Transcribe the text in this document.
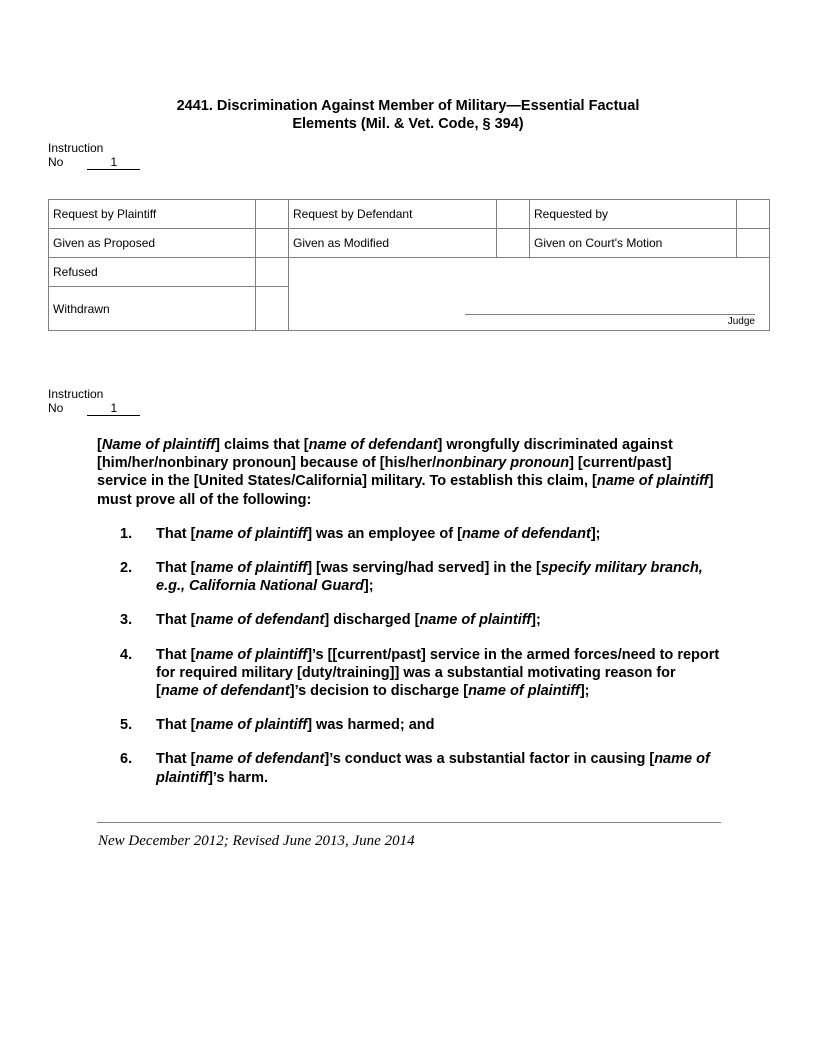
2441. Discrimination Against Member of Military—Essential Factual
Elements (Mil. & Vet. Code, § 394)
Instruction
No	1
Request by Plaintiff		Request by Defendant		Requested by	
Given as Proposed		Given as Modified		Given on Court's Motion	
Refused		Judge			

Withdrawn					
Instruction
No	1

[Name of plaintiff] claims that [name of defendant] wrongfully discriminated against [him/her/nonbinary pronoun] because of [his/her/nonbinary pronoun] [current/past] service in the [United States/California] military. To establish this claim, [name of plaintiff] must prove all of the following:

1. That [name of plaintiff] was an employee of [name of defendant];
2. That [name of plaintiff] [was serving/had served] in the [specify military branch, e.g., California National Guard];
3. That [name of defendant] discharged [name of plaintiff];
4. That [name of plaintiff]’s [[current/past] service in the armed forces/need to report for required military [duty/training]] was a substantial motivating reason for [name of defendant]’s decision to discharge [name of plaintiff];
5. That [name of plaintiff] was harmed; and
6. That [name of defendant]’s conduct was a substantial factor in causing [name of plaintiff]’s harm.
New December 2012; Revised June 2013, June 2014
